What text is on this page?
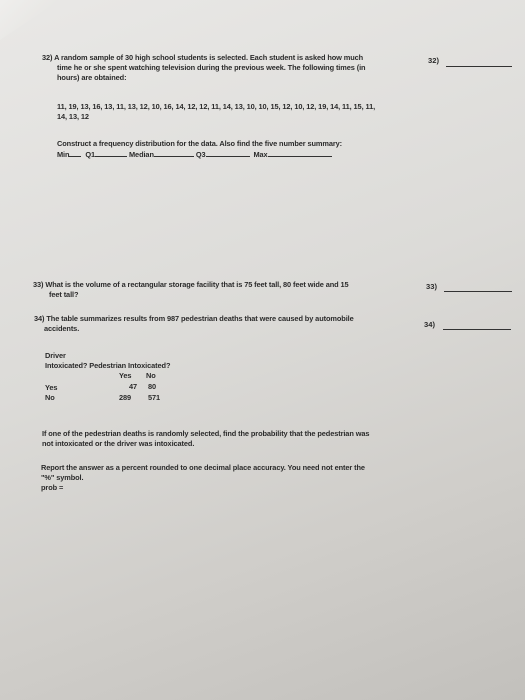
32) A random sample of 30 high school students is selected. Each student is asked how much
time he or she spent watching television during the previous week. The following times (in
hours) are obtained:
32)
11, 19, 13, 16, 13, 11, 13, 12, 10, 16, 14, 12, 12, 11, 14, 13, 10, 10, 15, 12, 10, 12, 19, 14, 11, 15, 11,
14, 13, 12
Construct a frequency distribution for the data. Also find the five number summary:
Min Q1	Median	Q3	Max
33) What is the volume of a rectangular storage facility that is 75 feet tall, 80 feet wide and 15
feet tall?
33)
34) The table summarizes results from 987 pedestrian deaths that were caused by automobile
accidents.	34)
Driver
Intoxicated? Pedestrian Intoxicated?
Yes No
Yes	47 80
No	289 571
If one of the pedestrian deaths is randomly selected, find the probability that the pedestrian was
not intoxicated or the driver was intoxicated.
Report the answer as a percent rounded to one decimal place accuracy. You need not enter the
"%" symbol.
prob =
